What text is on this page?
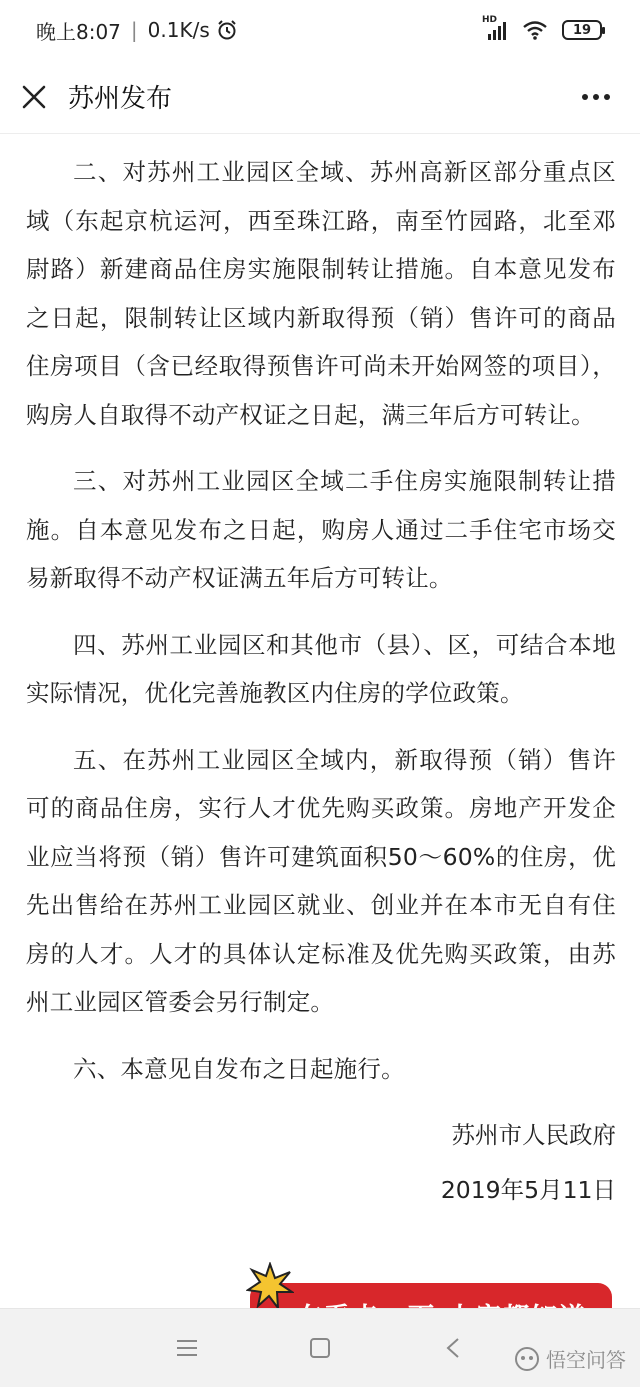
晚上8:07 | 0.1K/s	HD
19
苏州发布

二、对苏州工业园区全域、苏州高新区部分重点区域（东起京杭运河，西至珠江路，南至竹园路，北至邓尉路）新建商品住房实施限制转让措施。自本意见发布之日起，限制转让区域内新取得预（销）售许可的商品住房项目（含已经取得预售许可尚未开始网签的项目），购房人自取得不动产权证之日起，满三年后方可转让。

三、对苏州工业园区全域二手住房实施限制转让措施。自本意见发布之日起，购房人通过二手住宅市场交易新取得不动产权证满五年后方可转让。

四、苏州工业园区和其他市（县）、区，可结合本地实际情况，优化完善施教区内住房的学位政策。

五、在苏州工业园区全域内，新取得预（销）售许可的商品住房，实行人才优先购买政策。房地产开发企业应当将预（销）售许可建筑面积50～60%的住房，优先出售给在苏州工业园区就业、创业并在本市无自有住房的人才。人才的具体认定标准及优先购买政策，由苏州工业园区管委会另行制定。

六、本意见自发布之日起施行。

苏州市人民政府
2019年5月11日
悟空问答
